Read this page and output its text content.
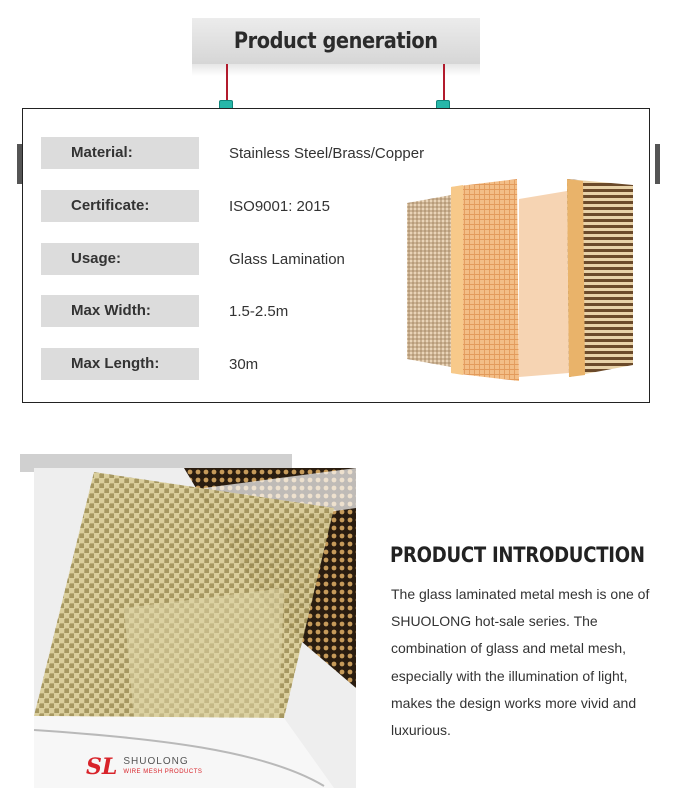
Product generation
Material:	Stainless Steel/Brass/Copper
Certificate:	ISO9001: 2015
Usage:	Glass Lamination
Max Width:	1.5-2.5m
Max Length:	30m
SL SHUOLONG
WIRE MESH PRODUCTS
PRODUCT INTRODUCTION
The glass laminated metal mesh is one of
SHUOLONG hot-sale series. The
combination of glass and metal mesh,
especially with the illumination of light,
makes the design works more vivid and
luxurious.
